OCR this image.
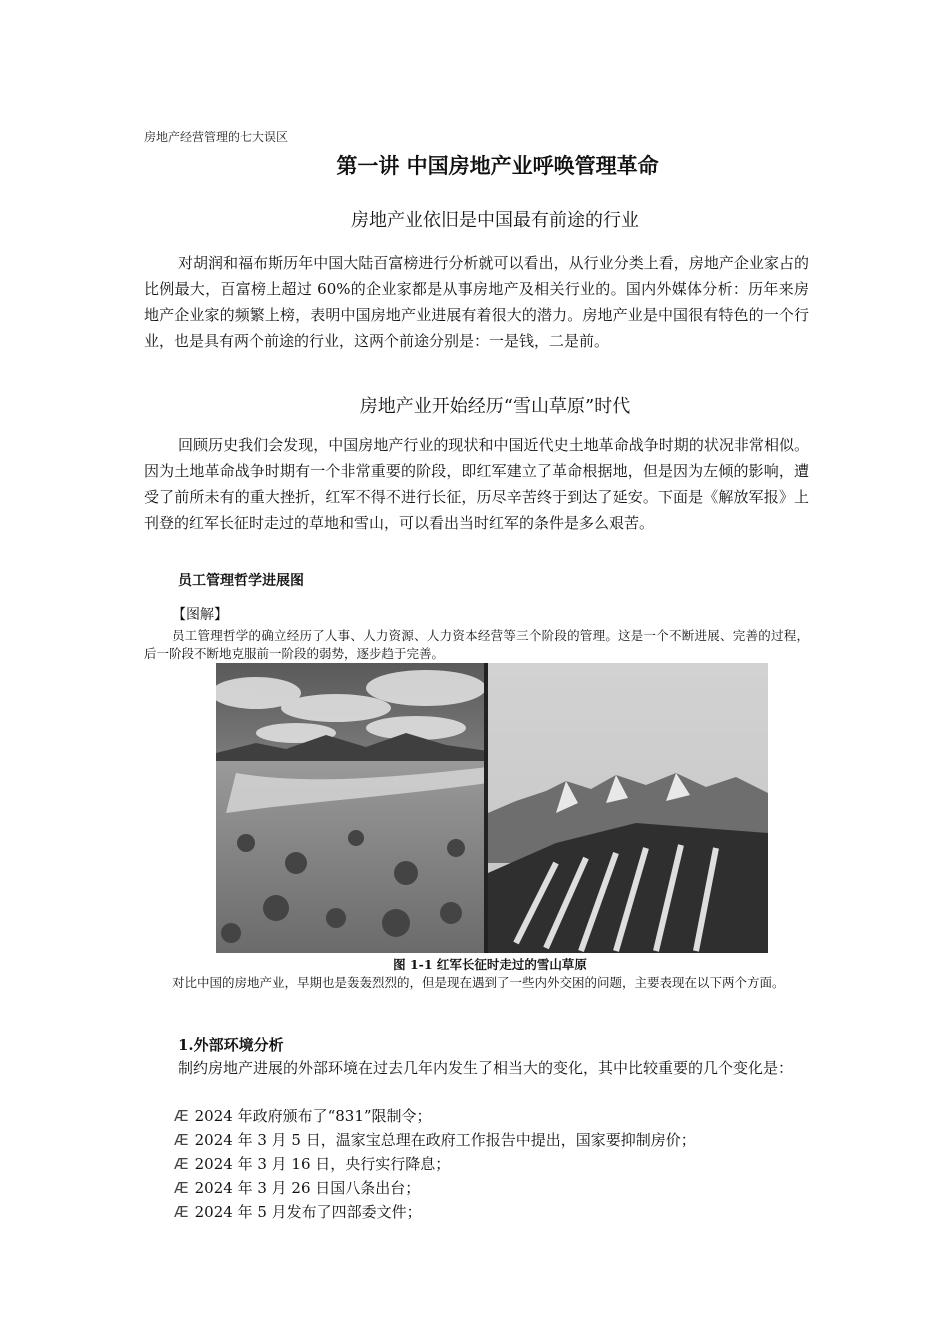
房地产经营管理的七大误区
第一讲 中国房地产业呼唤管理革命
房地产业依旧是中国最有前途的行业

对胡润和福布斯历年中国大陆百富榜进行分析就可以看出，从行业分类上看，房地产企业家占的比例最大，百富榜上超过 60%的企业家都是从事房地产及相关行业的。国内外媒体分析：历年来房地产企业家的频繁上榜，表明中国房地产业进展有着很大的潜力。房地产业是中国很有特色的一个行业，也是具有两个前途的行业，这两个前途分别是：一是钱，二是前。

房地产业开始经历“雪山草原”时代

回顾历史我们会发现，中国房地产行业的现状和中国近代史土地革命战争时期的状况非常相似。因为土地革命战争时期有一个非常重要的阶段，即红军建立了革命根据地，但是因为左倾的影响，遭受了前所未有的重大挫折，红军不得不进行长征，历尽辛苦终于到达了延安。下面是《解放军报》上刊登的红军长征时走过的草地和雪山，可以看出当时红军的条件是多么艰苦。

员工管理哲学进展图
【图解】

员工管理哲学的确立经历了人事、人力资源、人力资本经营等三个阶段的管理。这是一个不断进展、完善的过程，后一阶段不断地克服前一阶段的弱势，逐步趋于完善。

图 1-1 红军长征时走过的雪山草原

对比中国的房地产业，早期也是轰轰烈烈的，但是现在遇到了一些内外交困的问题，主要表现在以下两个方面。

1.外部环境分析

制约房地产进展的外部环境在过去几年内发生了相当大的变化，其中比较重要的几个变化是：

Æ 2024 年政府颁布了“831”限制令；
Æ 2024 年 3 月 5 日，温家宝总理在政府工作报告中提出，国家要抑制房价；
Æ 2024 年 3 月 16 日，央行实行降息；
Æ 2024 年 3 月 26 日国八条出台；
Æ 2024 年 5 月发布了四部委文件；
